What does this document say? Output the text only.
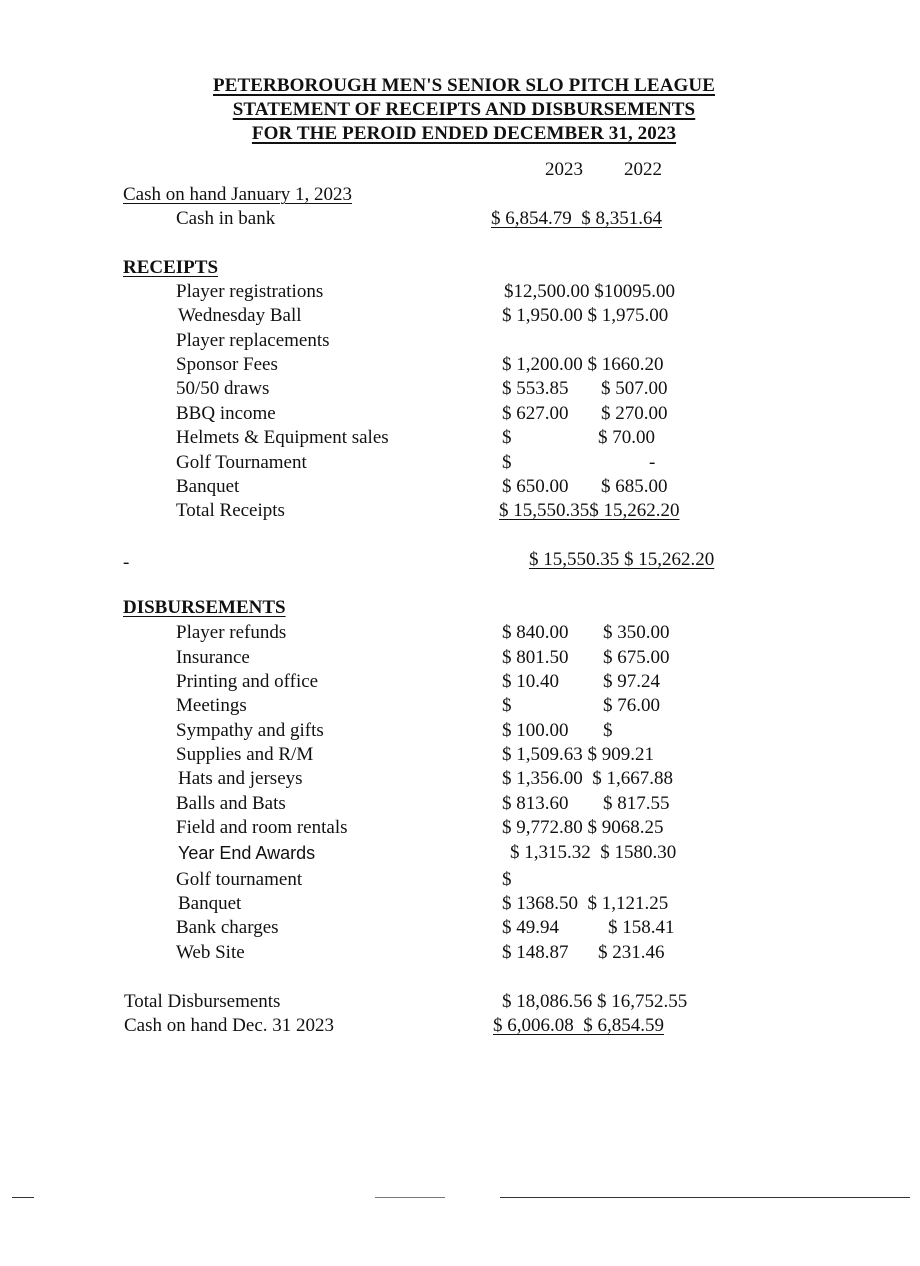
PETERBOROUGH MEN'S SENIOR SLO PITCH LEAGUE
STATEMENT OF RECEIPTS AND DISBURSEMENTS
FOR THE PEROID ENDED DECEMBER 31, 2023
2023 2022
Cash on hand January 1, 2023
Cash in bank	$ 6,854.79  $ 8,351.64
RECEIPTS
Player registrations	$12,500.00 $10095.00
Wednesday Ball	$ 1,950.00 $ 1,975.00
Player replacements
Sponsor Fees	$ 1,200.00 $ 1660.20
50/50 draws	$ 553.85 $ 507.00
BBQ income	$ 627.00 $ 270.00
Helmets & Equipment sales	$	$ 70.00
Golf Tournament	$	-
Banquet	$ 650.00 $ 685.00
Total Receipts	$ 15,550.35$ 15,262.20
-	$ 15,550.35 $ 15,262.20
DISBURSEMENTS
Player refunds	$ 840.00 $ 350.00
Insurance	$ 801.50 $ 675.00
Printing and office	$ 10.40 $ 97.24
Meetings	$	$ 76.00
Sympathy and gifts	$ 100.00 $
Supplies and R/M	$ 1,509.63 $ 909.21
Hats and jerseys	$ 1,356.00  $ 1,667.88
Balls and Bats	$ 813.60 $ 817.55
Field and room rentals	$ 9,772.80 $ 9068.25
Year End Awards	$ 1,315.32  $ 1580.30
Golf tournament	$
Banquet	$ 1368.50  $ 1,121.25
Bank charges	$ 49.94	$ 158.41
Web Site	$ 148.87 $ 231.46
Total Disbursements	$ 18,086.56 $ 16,752.55
Cash on hand Dec. 31 2023	$ 6,006.08  $ 6,854.59
